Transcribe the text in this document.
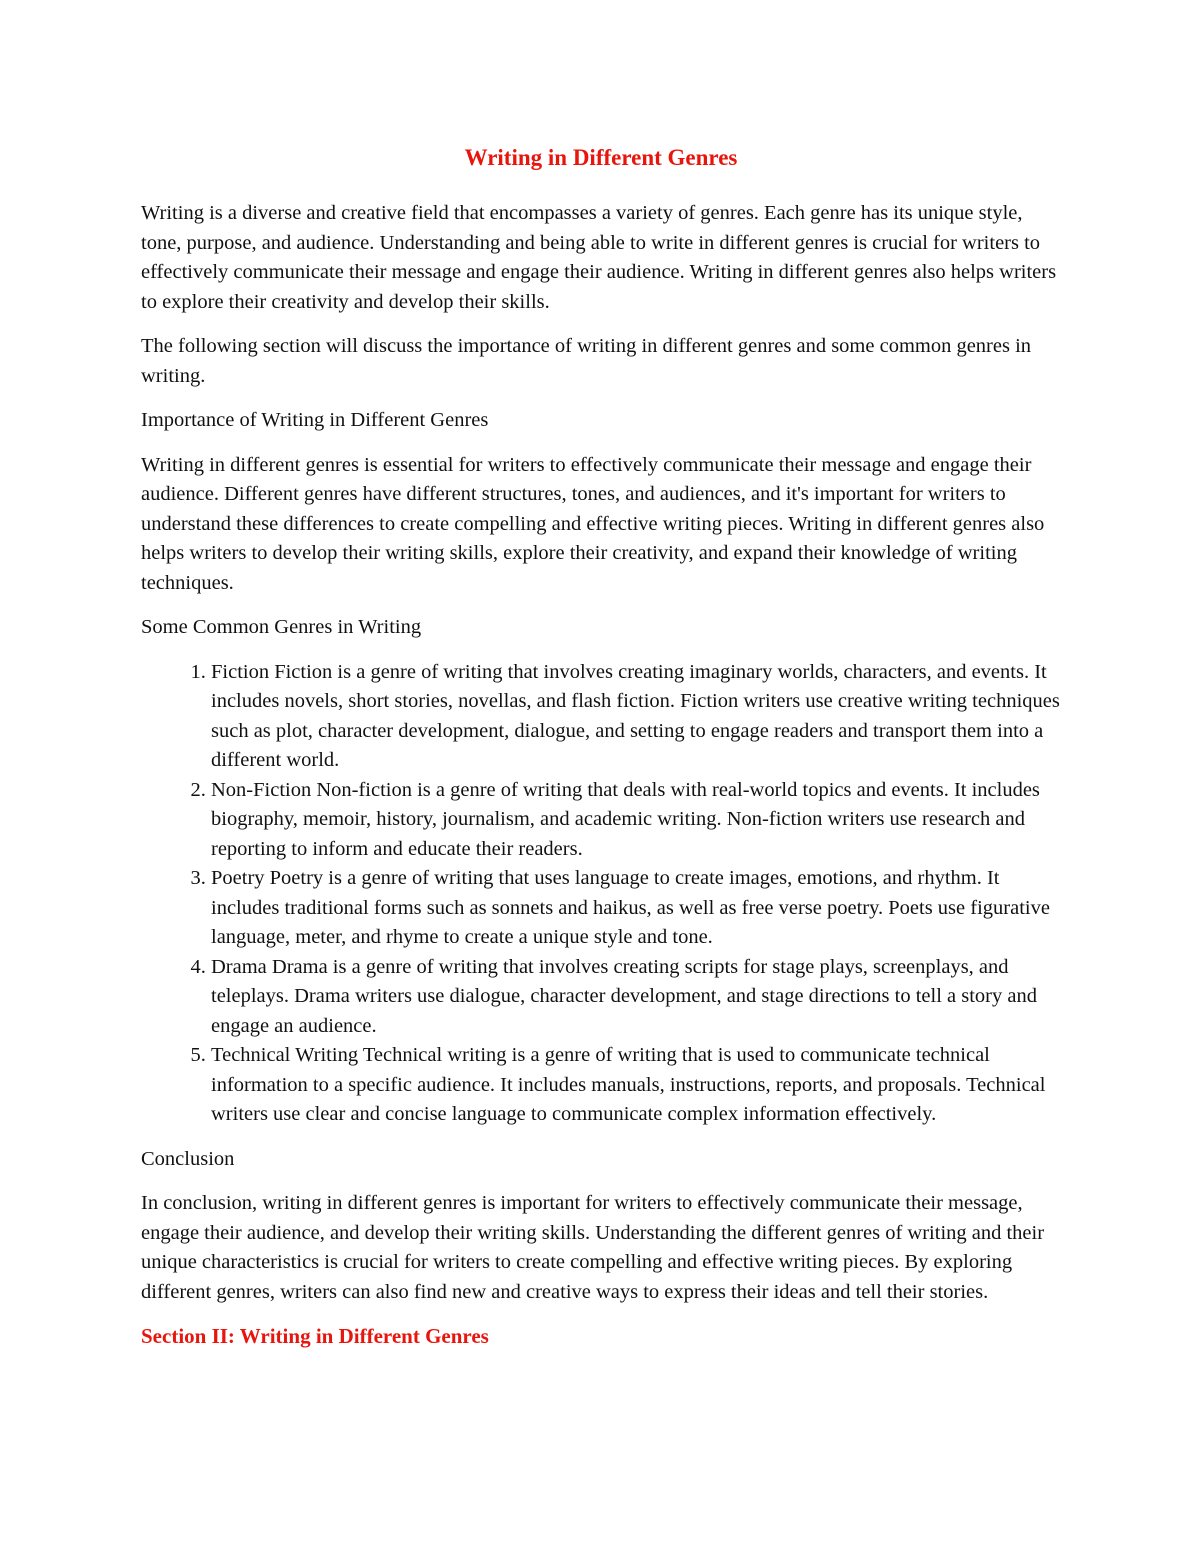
Writing in Different Genres

Writing is a diverse and creative field that encompasses a variety of genres. Each genre has its unique style, tone, purpose, and audience. Understanding and being able to write in different genres is crucial for writers to effectively communicate their message and engage their audience. Writing in different genres also helps writers to explore their creativity and develop their skills.

The following section will discuss the importance of writing in different genres and some common genres in writing.

Importance of Writing in Different Genres

Writing in different genres is essential for writers to effectively communicate their message and engage their audience. Different genres have different structures, tones, and audiences, and it's important for writers to understand these differences to create compelling and effective writing pieces. Writing in different genres also helps writers to develop their writing skills, explore their creativity, and expand their knowledge of writing techniques.

Some Common Genres in Writing
1. Fiction Fiction is a genre of writing that involves creating imaginary worlds, characters, and events. It includes novels, short stories, novellas, and flash fiction. Fiction writers use creative writing techniques such as plot, character development, dialogue, and setting to engage readers and transport them into a different world.
2. Non-Fiction Non-fiction is a genre of writing that deals with real-world topics and events. It includes biography, memoir, history, journalism, and academic writing. Non-fiction writers use research and reporting to inform and educate their readers.
3. Poetry Poetry is a genre of writing that uses language to create images, emotions, and rhythm. It includes traditional forms such as sonnets and haikus, as well as free verse poetry. Poets use figurative language, meter, and rhyme to create a unique style and tone.
4. Drama Drama is a genre of writing that involves creating scripts for stage plays, screenplays, and teleplays. Drama writers use dialogue, character development, and stage directions to tell a story and engage an audience.
5. Technical Writing Technical writing is a genre of writing that is used to communicate technical information to a specific audience. It includes manuals, instructions, reports, and proposals. Technical writers use clear and concise language to communicate complex information effectively.
Conclusion

In conclusion, writing in different genres is important for writers to effectively communicate their message, engage their audience, and develop their writing skills. Understanding the different genres of writing and their unique characteristics is crucial for writers to create compelling and effective writing pieces. By exploring different genres, writers can also find new and creative ways to express their ideas and tell their stories.

Section II: Writing in Different Genres
